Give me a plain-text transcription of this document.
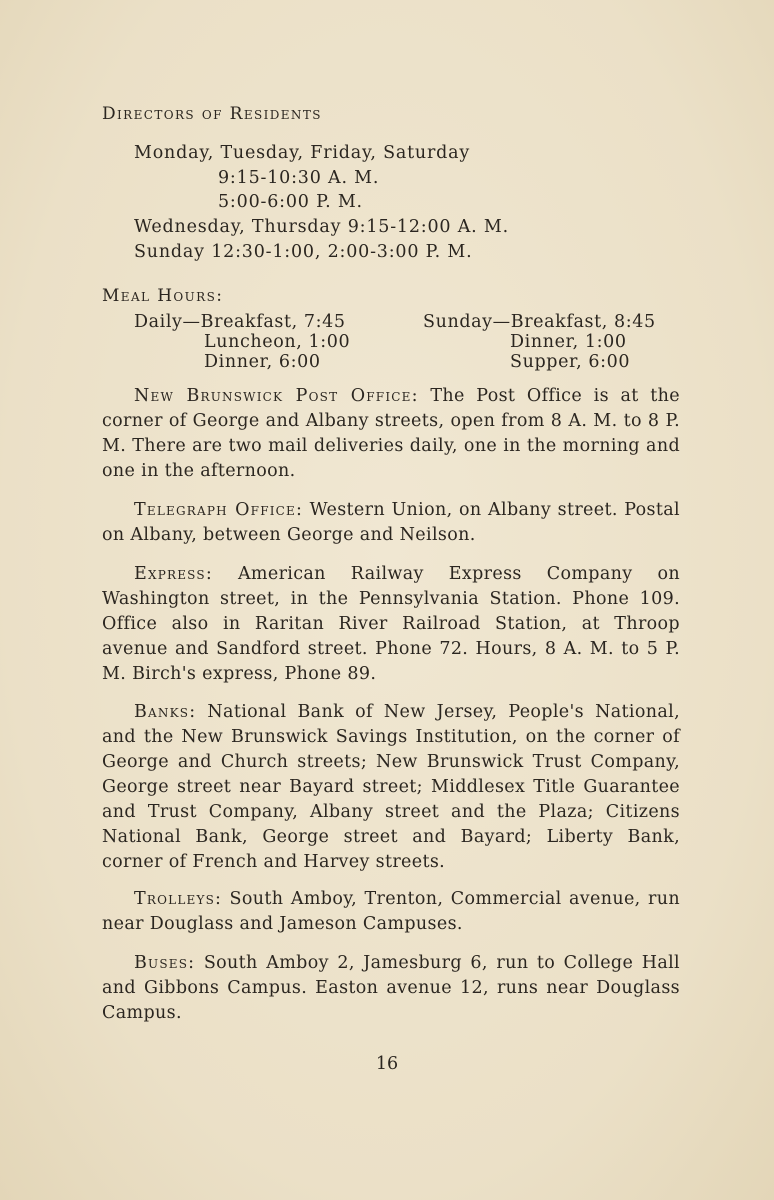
Directors of Residents
Monday, Tuesday, Friday, Saturday
9:15-10:30 A. M.
5:00-6:00 P. M.
Wednesday, Thursday 9:15-12:00 A. M.
Sunday 12:30-1:00, 2:00-3:00 P. M.
Meal Hours:
Daily—Breakfast, 7:45
Luncheon, 1:00
Dinner, 6:00
Sunday—Breakfast, 8:45
Dinner, 1:00
Supper, 6:00

New Brunswick Post Office: The Post Office is at the corner of George and Albany streets, open from 8 A. M. to 8 P. M. There are two mail deliveries daily, one in the morning and one in the afternoon.

Telegraph Office: Western Union, on Albany street. Postal on Albany, between George and Neilson.

Express: American Railway Express Company on Washington street, in the Pennsylvania Station. Phone 109. Office also in Raritan River Railroad Station, at Throop avenue and Sandford street. Phone 72. Hours, 8 A. M. to 5 P. M. Birch's express, Phone 89.

Banks: National Bank of New Jersey, People's National, and the New Brunswick Savings Institution, on the corner of George and Church streets; New Brunswick Trust Company, George street near Bayard street; Middlesex Title Guarantee and Trust Company, Albany street and the Plaza; Citizens National Bank, George street and Bayard; Liberty Bank, corner of French and Harvey streets.

Trolleys: South Amboy, Trenton, Commercial avenue, run near Douglass and Jameson Campuses.

Buses: South Amboy 2, Jamesburg 6, run to College Hall and Gibbons Campus. Easton avenue 12, runs near Douglass Campus.

16
